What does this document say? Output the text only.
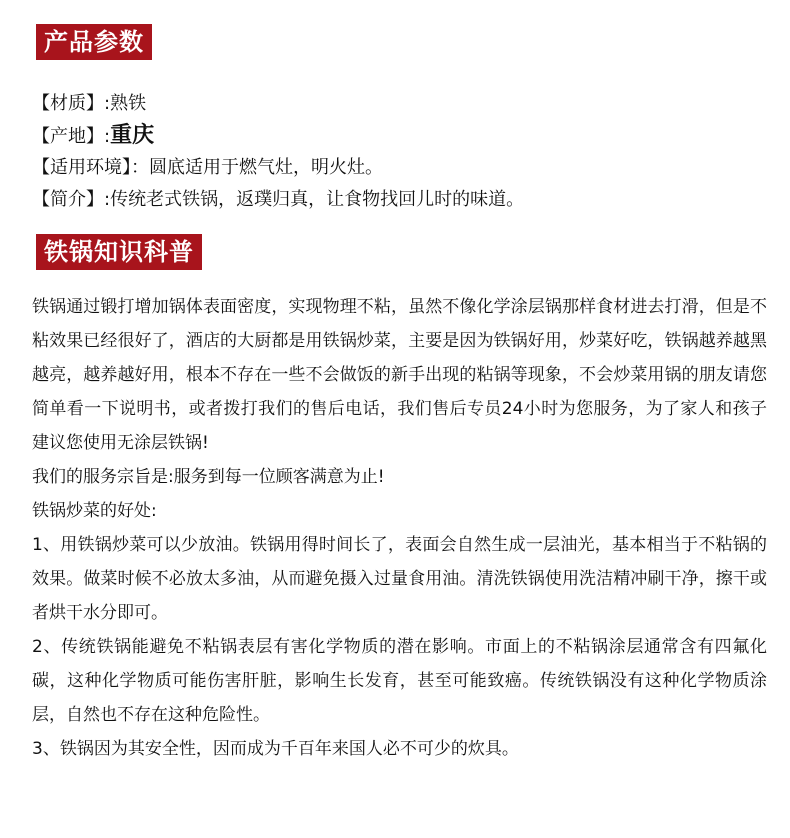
产品参数
【材质】:熟铁
【产地】:重庆
【适用环境】：圆底适用于燃气灶，明火灶。
【简介】:传统老式铁锅，返璞归真，让食物找回儿时的味道。
铁锅知识科普

铁锅通过锻打增加锅体表面密度，实现物理不粘，虽然不像化学涂层锅那样食材进去打滑，但是不粘效果已经很好了，酒店的大厨都是用铁锅炒菜，主要是因为铁锅好用，炒菜好吃，铁锅越养越黑越亮，越养越好用，根本不存在一些不会做饭的新手出现的粘锅等现象，不会炒菜用锅的朋友请您简单看一下说明书，或者拨打我们的售后电话，我们售后专员24小时为您服务，为了家人和孩子建议您使用无涂层铁锅!

我们的服务宗旨是:服务到每一位顾客满意为止!

铁锅炒菜的好处:

1、用铁锅炒菜可以少放油。铁锅用得时间长了，表面会自然生成一层油光，基本相当于不粘锅的效果。做菜时候不必放太多油，从而避免摄入过量食用油。清洗铁锅使用洗洁精冲刷干净，擦干或者烘干水分即可。

2、传统铁锅能避免不粘锅表层有害化学物质的潜在影响。市面上的不粘锅涂层通常含有四氟化碳，这种化学物质可能伤害肝脏，影响生长发育，甚至可能致癌。传统铁锅没有这种化学物质涂层，自然也不存在这种危险性。

3、铁锅因为其安全性，因而成为千百年来国人必不可少的炊具。
